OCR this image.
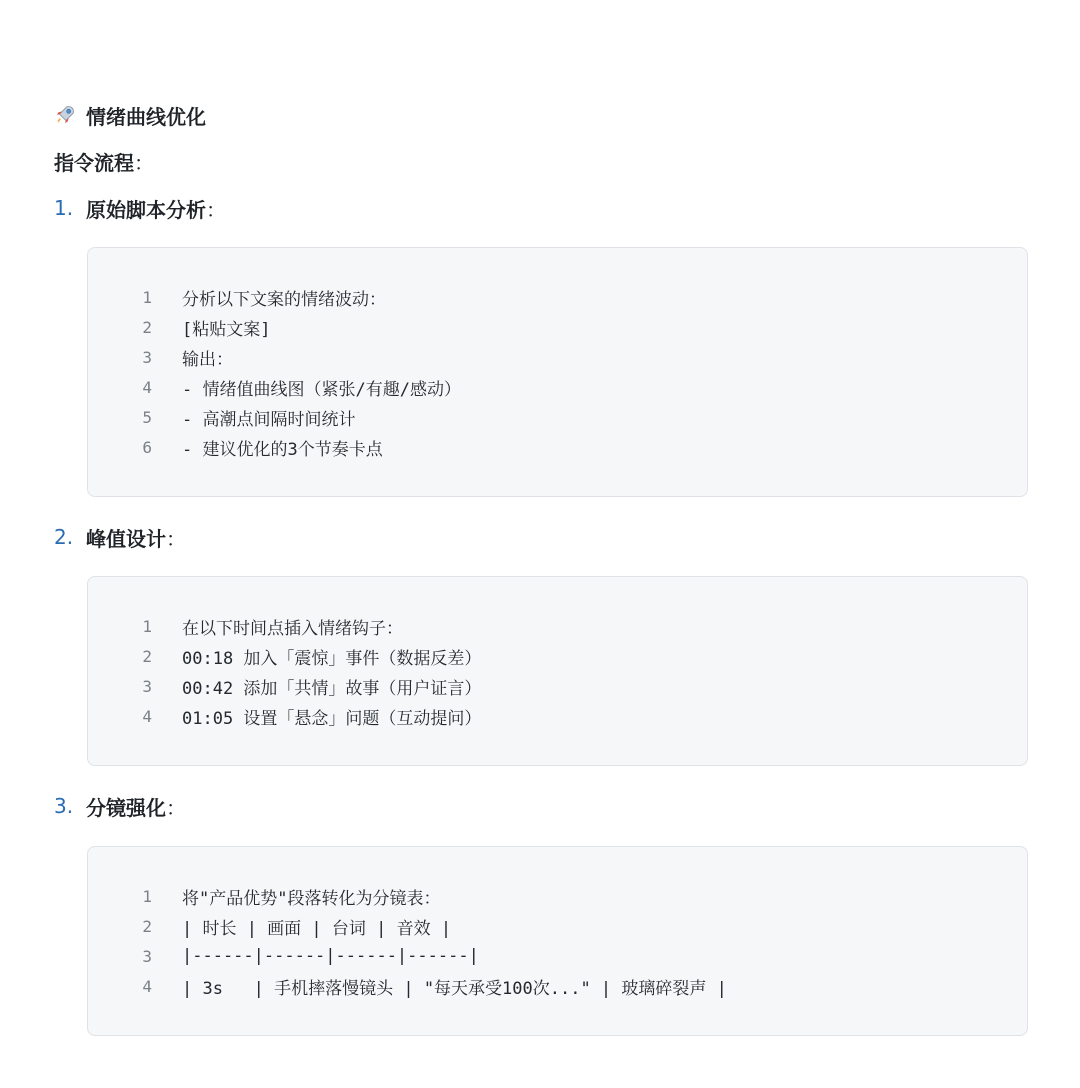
情绪曲线优化
指令流程 ：
1. 原始脚本分析 ：
1	分析以下文案的情绪波动：
2	[粘贴文案]
3	输出：
4	- 情绪值曲线图（紧张/有趣/感动）
5	- 高潮点间隔时间统计
6	- 建议优化的3个节奏卡点
2. 峰值设计 ：
1	在以下时间点插入情绪钩子：
2	00:18 加入「震惊」事件（数据反差）
3	00:42 添加「共情」故事（用户证言）
4	01:05 设置「悬念」问题（互动提问）
3. 分镜强化 ：
1	将"产品优势"段落转化为分镜表：
2	| 时长 | 画面 | 台词 | 音效 |
3	|------|------|------|------|
4	| 3s   | 手机摔落慢镜头 | "每天承受100次..." | 玻璃碎裂声 |
